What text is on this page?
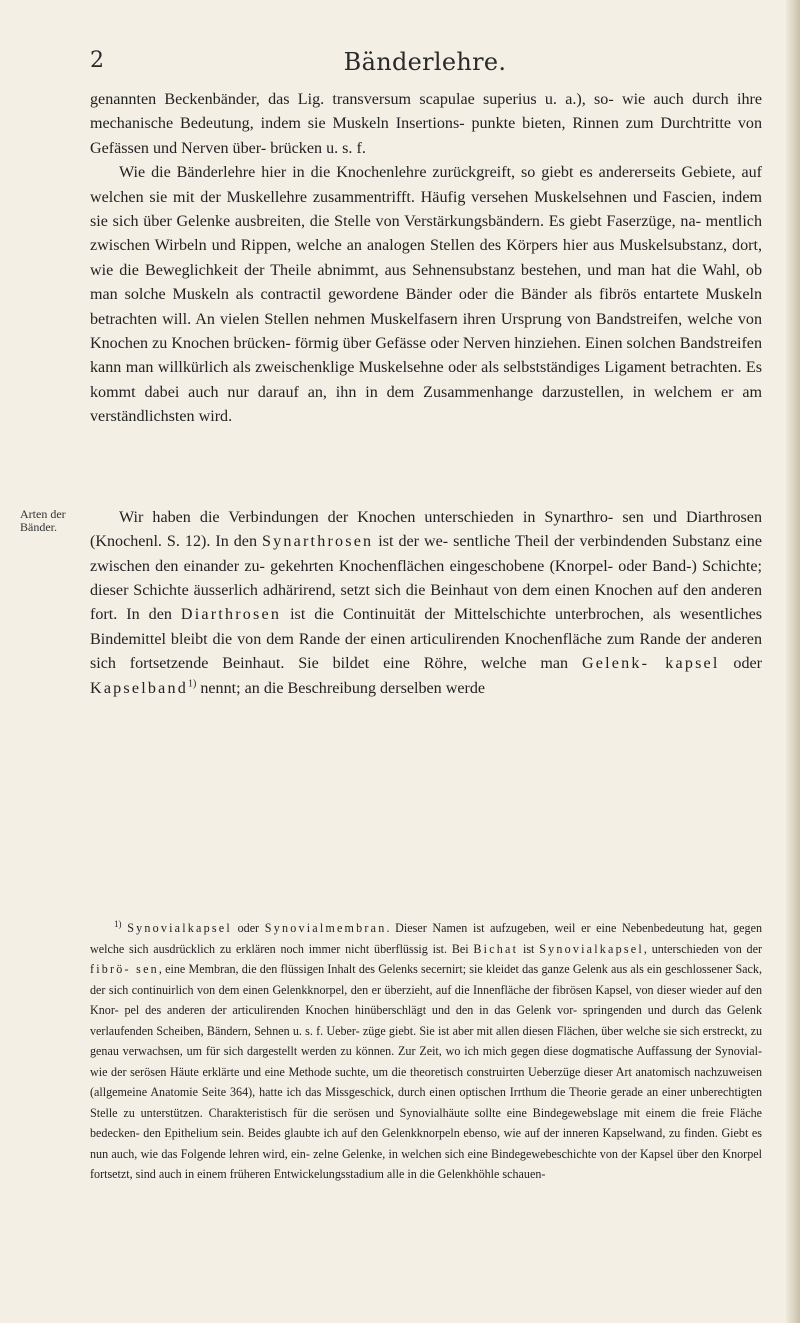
2	Bänderlehre.

genannten Beckenbänder, das Lig. transversum scapulae superius u. a.), so- wie auch durch ihre mechanische Bedeutung, indem sie Muskeln Insertions- punkte bieten, Rinnen zum Durchtritte von Gefässen und Nerven über- brücken u. s. f.

Wie die Bänderlehre hier in die Knochenlehre zurückgreift, so giebt es andererseits Gebiete, auf welchen sie mit der Muskellehre zusammentrifft. Häufig versehen Muskelsehnen und Fascien, indem sie sich über Gelenke ausbreiten, die Stelle von Verstärkungsbändern. Es giebt Faserzüge, na- mentlich zwischen Wirbeln und Rippen, welche an analogen Stellen des Körpers hier aus Muskelsubstanz, dort, wie die Beweglichkeit der Theile abnimmt, aus Sehnensubstanz bestehen, und man hat die Wahl, ob man solche Muskeln als contractil gewordene Bänder oder die Bänder als fibrös entartete Muskeln betrachten will. An vielen Stellen nehmen Muskelfasern ihren Ursprung von Bandstreifen, welche von Knochen zu Knochen brücken- förmig über Gefässe oder Nerven hinziehen. Einen solchen Bandstreifen kann man willkürlich als zweischenklige Muskelsehne oder als selbstständiges Ligament betrachten. Es kommt dabei auch nur darauf an, ihn in dem Zusammenhange darzustellen, in welchem er am verständlichsten wird.

Arten der Bänder.
Wir haben die Verbindungen der Knochen unterschieden in Synarthro- sen und Diarthrosen (Knochenl. S. 12). In den Synarthrosen ist der we- sentliche Theil der verbindenden Substanz eine zwischen den einander zu- gekehrten Knochenflächen eingeschobene (Knorpel- oder Band-) Schichte; dieser Schichte äusserlich adhärirend, setzt sich die Beinhaut von dem einen Knochen auf den anderen fort. In den Diarthrosen ist die Continuität der Mittelschichte unterbrochen, als wesentliches Bindemittel bleibt die von dem Rande der einen articulirenden Knochenfläche zum Rande der anderen sich fortsetzende Beinhaut. Sie bildet eine Röhre, welche man Gelenk- kapsel oder Kapselband$^{1)}$ nennt; an die Beschreibung derselben werde

$^{1)}$ Synovialkapsel oder Synovialmembran. Dieser Namen ist aufzugeben, weil er eine Nebenbedeutung hat, gegen welche sich ausdrücklich zu erklären noch immer nicht überflüssig ist. Bei Bichat ist Synovialkapsel, unterschieden von der fibrö- sen, eine Membran, die den flüssigen Inhalt des Gelenks secernirt; sie kleidet das ganze Gelenk aus als ein geschlossener Sack, der sich continuirlich von dem einen Gelenkknorpel, den er überzieht, auf die Innenfläche der fibrösen Kapsel, von dieser wieder auf den Knor- pel des anderen der articulirenden Knochen hinüberschlägt und den in das Gelenk vor- springenden und durch das Gelenk verlaufenden Scheiben, Bändern, Sehnen u. s. f. Ueber- züge giebt. Sie ist aber mit allen diesen Flächen, über welche sie sich erstreckt, zu genau verwachsen, um für sich dargestellt werden zu können. Zur Zeit, wo ich mich gegen diese dogmatische Auffassung der Synovial- wie der serösen Häute erklärte und eine Methode suchte, um die theoretisch construirten Ueberzüge dieser Art anatomisch nachzuweisen (allgemeine Anatomie Seite 364), hatte ich das Missgeschick, durch einen optischen Irrthum die Theorie gerade an einer unberechtigten Stelle zu unterstützen. Charakteristisch für die serösen und Synovialhäute sollte eine Bindegewebslage mit einem die freie Fläche bedecken- den Epithelium sein. Beides glaubte ich auf den Gelenkknorpeln ebenso, wie auf der inneren Kapselwand, zu finden. Giebt es nun auch, wie das Folgende lehren wird, ein- zelne Gelenke, in welchen sich eine Bindegewebeschichte von der Kapsel über den Knorpel fortsetzt, sind auch in einem früheren Entwickelungsstadium alle in die Gelenkhöhle schauen-
